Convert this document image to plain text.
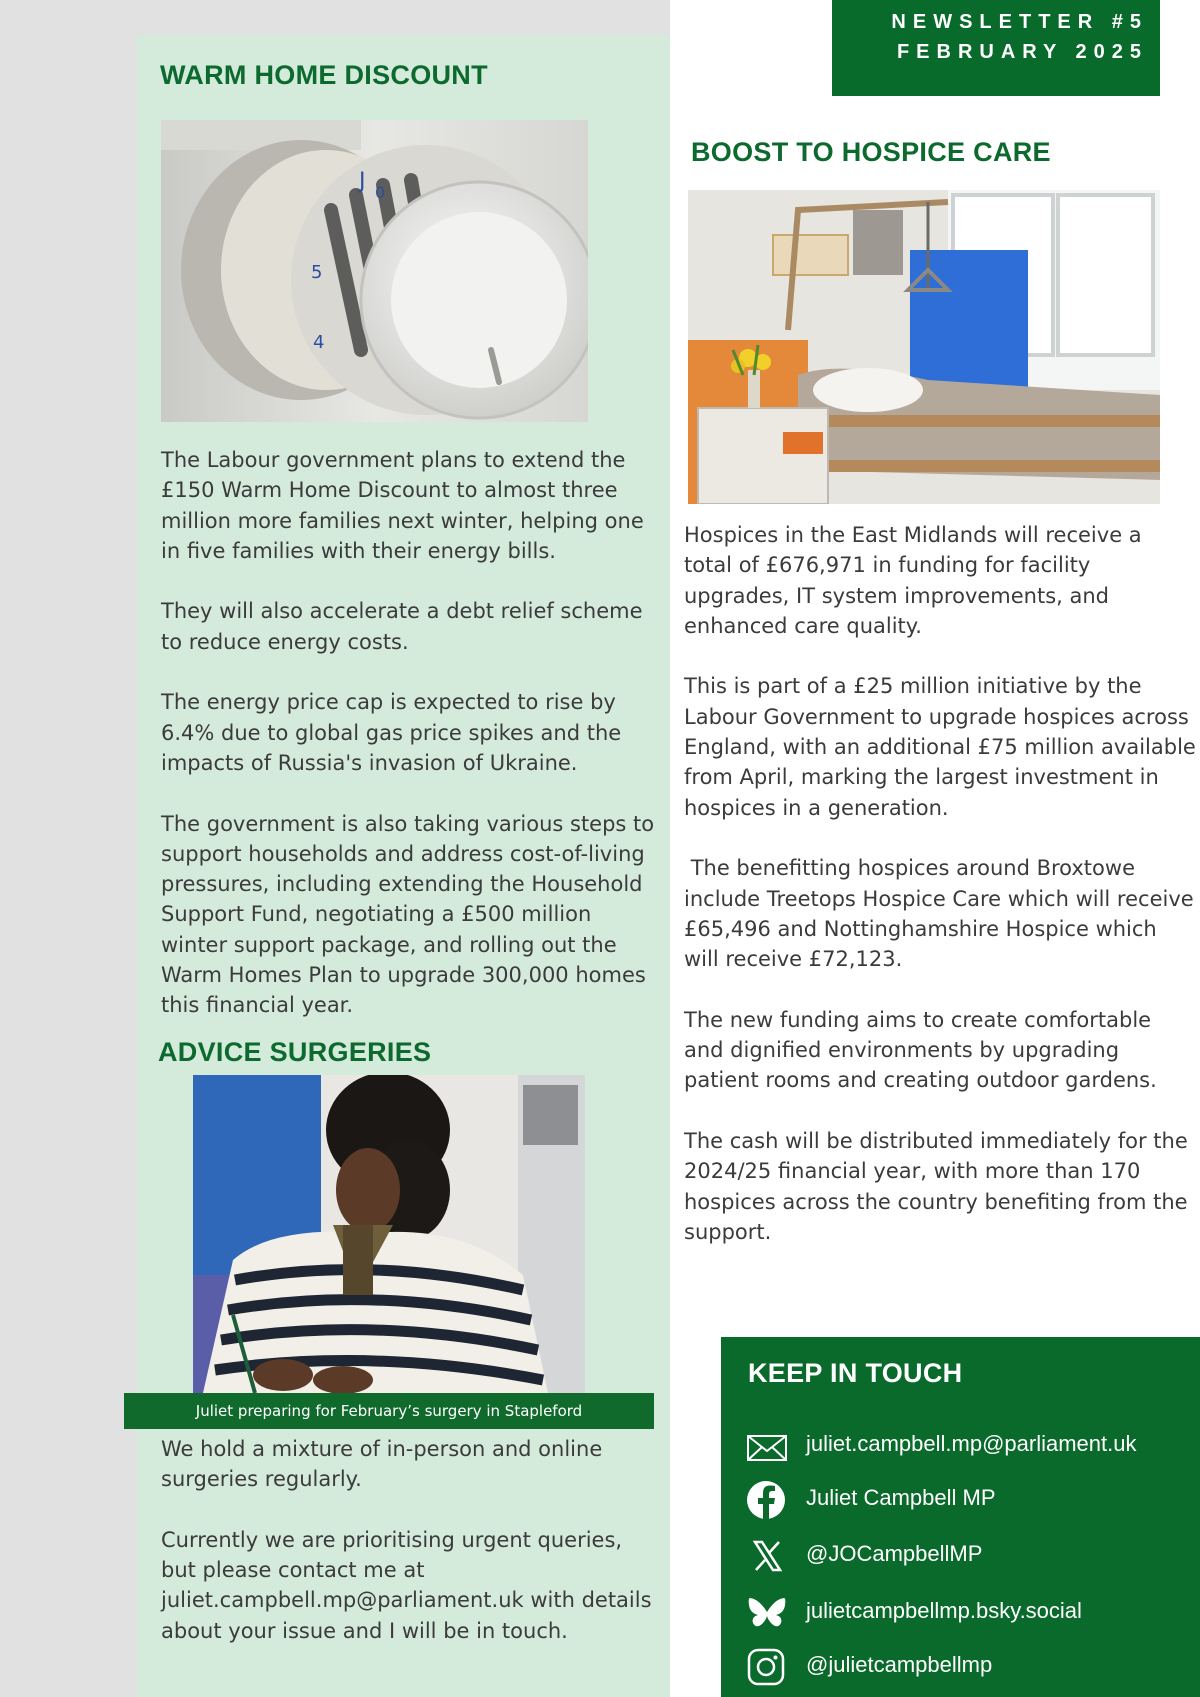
NEWSLETTER #5
FEBRUARY 2025
WARM HOME DISCOUNT
J 0
5
4

The Labour government plans to extend the £150 Warm Home Discount to almost three million more families next winter, helping one in five families with their energy bills.

They will also accelerate a debt relief scheme to reduce energy costs.

The energy price cap is expected to rise by 6.4% due to global gas price spikes and the impacts of Russia's invasion of Ukraine.

The government is also taking various steps to support households and address cost-of-living pressures, including extending the Household Support Fund, negotiating a £500 million winter support package, and rolling out the Warm Homes Plan to upgrade 300,000 homes this financial year.

ADVICE SURGERIES
Juliet preparing for February’s surgery in Stapleford

We hold a mixture of in-person and online surgeries regularly.

Currently we are prioritising urgent queries, but please contact me at juliet.campbell.mp@parliament.uk with details about your issue and I will be in touch.

BOOST TO HOSPICE CARE

Hospices in the East Midlands will receive a total of £676,971 in funding for facility upgrades, IT system improvements, and enhanced care quality.

This is part of a £25 million initiative by the Labour Government to upgrade hospices across England, with an additional £75 million available from April, marking the largest investment in hospices in a generation.

The benefitting hospices around Broxtowe include Treetops Hospice Care which will receive £65,496 and Nottinghamshire Hospice which will receive £72,123.

The new funding aims to create comfortable and dignified environments by upgrading patient rooms and creating outdoor gardens.

The cash will be distributed immediately for the 2024/25 financial year, with more than 170 hospices across the country benefiting from the support.

KEEP IN TOUCH
juliet.campbell.mp@parliament.uk
Juliet Campbell MP
@JOCampbellMP
julietcampbellmp.bsky.social
@julietcampbellmp
